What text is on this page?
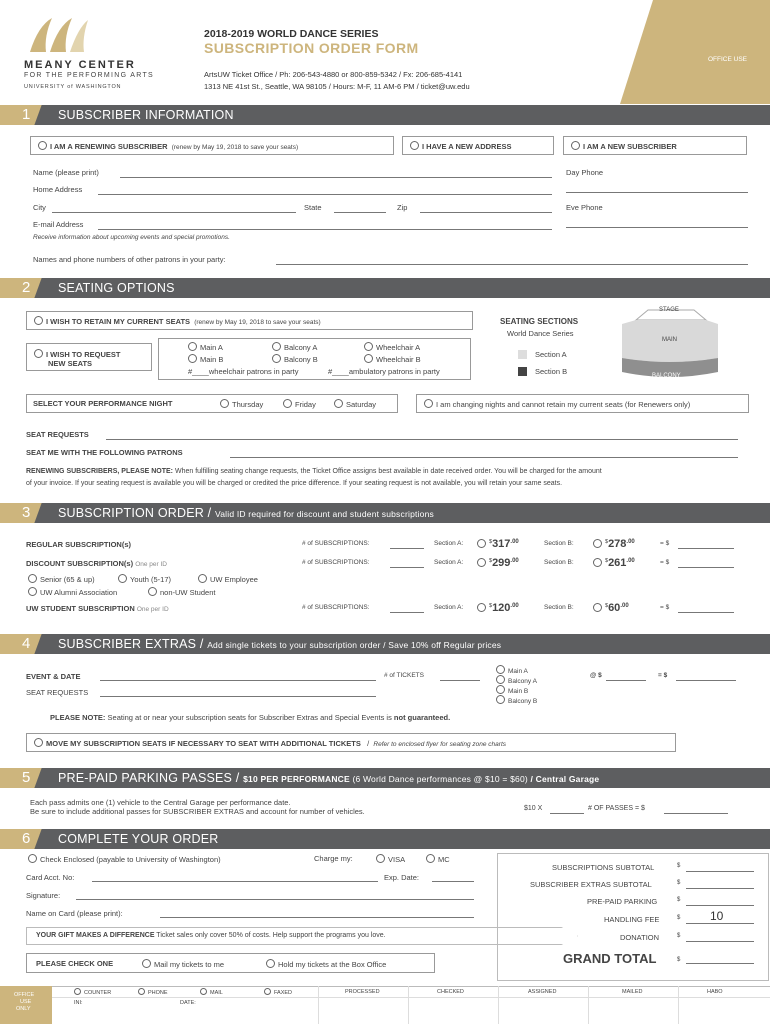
MEANY CENTER
FOR THE PERFORMING ARTS
UNIVERSITY of WASHINGTON
2018-2019 WORLD DANCE SERIES
SUBSCRIPTION ORDER FORM
ArtsUW Ticket Office / Ph: 206-543-4880 or 800-859-5342 / Fx: 206-685-4141
1313 NE 41st St., Seattle, WA 98105 / Hours: M-F, 11 AM-6 PM / ticket@uw.edu
OFFICE USE
1	SUBSCRIBER INFORMATION
I AM A RENEWING SUBSCRIBER (renew by May 19, 2018 to save your seats)	I HAVE A NEW ADDRESS	I AM A NEW SUBSCRIBER
Name (please print)	Day Phone
Home Address
City	State	Zip	Eve Phone
E-mail Address
Receive information about upcoming events and special promotions.
Names and phone numbers of other patrons in your party:
2	SEATING OPTIONS
I WISH TO RETAIN MY CURRENT SEATS (renew by May 19, 2018 to save your seats)
I WISH TO REQUEST
NEW SEATS
Main A
Main B
Balcony A
Balcony B
Wheelchair A
Wheelchair B
#____wheelchair patrons in party	#____ambulatory patrons in party
SEATING SECTIONS
World Dance Series
Section A
Section B
STAGE
MAIN
BALCONY
SELECT YOUR PERFORMANCE NIGHT	Thursday	Friday	Saturday	I am changing nights and cannot retain my current seats (for Renewers only)
SEAT REQUESTS
SEAT ME WITH THE FOLLOWING PATRONS
RENEWING SUBSCRIBERS, PLEASE NOTE: When fulfilling seating change requests, the Ticket Office assigns best available in date received order. You will be charged for the amount
of your invoice. If your seating request is available you will be charged or credited the price difference. If your seating request is not available, you will retain your same seats.
3	SUBSCRIPTION ORDER / Valid ID required for discount and student subscriptions
REGULAR SUBSCRIPTION(s)	# of SUBSCRIPTIONS:	Section A:	$^{\$}317^{.00}$	Section B:	$^{\$}278^{.00}$	= $
DISCOUNT SUBSCRIPTION(s) One per ID	# of SUBSCRIPTIONS:	Section A:	$^{\$}299^{.00}$	Section B:	$^{\$}261^{.00}$	= $
Senior (65 & up)	Youth (5-17)	UW Employee
UW Alumni Association	non-UW Student
UW STUDENT SUBSCRIPTION One per ID	# of SUBSCRIPTIONS:	Section A:	$^{\$}120^{.00}$	Section B:	$^{\$}60^{.00}$	= $
4	SUBSCRIBER EXTRAS / Add single tickets to your subscription order / Save 10% off Regular prices
EVENT & DATE
SEAT REQUESTS
# of TICKETS
Main A
Balcony A
Main B
Balcony B
@ $	= $
PLEASE NOTE: Seating at or near your subscription seats for Subscriber Extras and Special Events is not guaranteed.
MOVE MY SUBSCRIPTION SEATS IF NECESSARY TO SEAT WITH ADDITIONAL TICKETS   /  Refer to enclosed flyer for seating zone charts
5	PRE-PAID PARKING PASSES / $10 PER PERFORMANCE (6 World Dance performances @ $10 = $60) / Central Garage
Each pass admits one (1) vehicle to the Central Garage per performance date.
Be sure to include additional passes for SUBSCRIBER EXTRAS and account for number of vehicles.	$10 X	# OF PASSES = $
6	COMPLETE YOUR ORDER
Check Enclosed (payable to University of Washington)	Charge my:	VISA	MC
Card Acct. No:	Exp. Date:
Signature:
Name on Card (please print):
YOUR GIFT MAKES A DIFFERENCE Ticket sales only cover 50% of costs. Help support the programs you love.
PLEASE CHECK ONE	Mail my tickets to me	Hold my tickets at the Box Office
SUBSCRIPTIONS SUBTOTAL	$
SUBSCRIBER EXTRAS SUBTOTAL	$
PRE-PAID PARKING	$
HANDLING FEE	$ 10
DONATION	$
GRAND TOTAL	$
OFFICE
USE
ONLY
COUNTER	PHONE	MAIL	FAXED	PROCESSED	CHECKED	ASSIGNED	MAILED	HABO
INI:	DATE:
